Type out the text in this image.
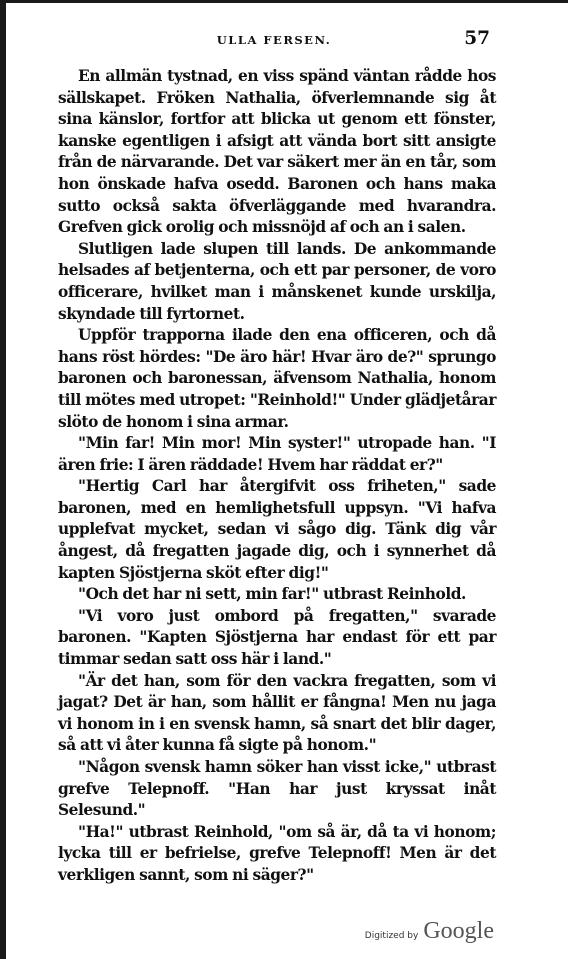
ULLA FERSEN.	57

En allmän tystnad, en viss spänd väntan rådde hos sällskapet. Fröken Nathalia, öfverlemnande sig åt sina känslor, fortfor att blicka ut genom ett fönster, kanske egentligen i afsigt att vända bort sitt ansigte från de närvarande. Det var säkert mer än en tår, som hon önskade hafva osedd. Baronen och hans maka sutto också sakta öfverläggande med hvarandra. Grefven gick orolig och missnöjd af och an i salen.

Slutligen lade slupen till lands. De ankommande helsades af betjenterna, och ett par personer, de voro officerare, hvilket man i månskenet kunde urskilja, skyndade till fyrtornet.

Uppför trapporna ilade den ena officeren, och då hans röst hördes: "De äro här! Hvar äro de?" sprungo baronen och baronessan, äfvensom Nathalia, honom till mötes med utropet: "Reinhold!" Under glädjetårar slöto de honom i sina armar.

"Min far! Min mor! Min syster!" utropade han. "I ären frie: I ären räddade! Hvem har räddat er?"

"Hertig Carl har återgifvit oss friheten," sade baronen, med en hemlighetsfull uppsyn. "Vi hafva upplefvat mycket, sedan vi sågo dig. Tänk dig vår ångest, då fregatten jagade dig, och i synnerhet då kapten Sjöstjerna sköt efter dig!"

"Och det har ni sett, min far!" utbrast Reinhold.

"Vi voro just ombord på fregatten," svarade baronen. "Kapten Sjöstjerna har endast för ett par timmar sedan satt oss här i land."

"Är det han, som för den vackra fregatten, som vi jagat? Det är han, som hållit er fångna! Men nu jaga vi honom in i en svensk hamn, så snart det blir dager, så att vi åter kunna få sigte på honom."

"Någon svensk hamn söker han visst icke," utbrast grefve Telepnoff. "Han har just kryssat inåt Selesund."

"Ha!" utbrast Reinhold, "om så är, då ta vi honom; lycka till er befrielse, grefve Telepnoff! Men är det verkligen sannt, som ni säger?"

Digitized by Google
